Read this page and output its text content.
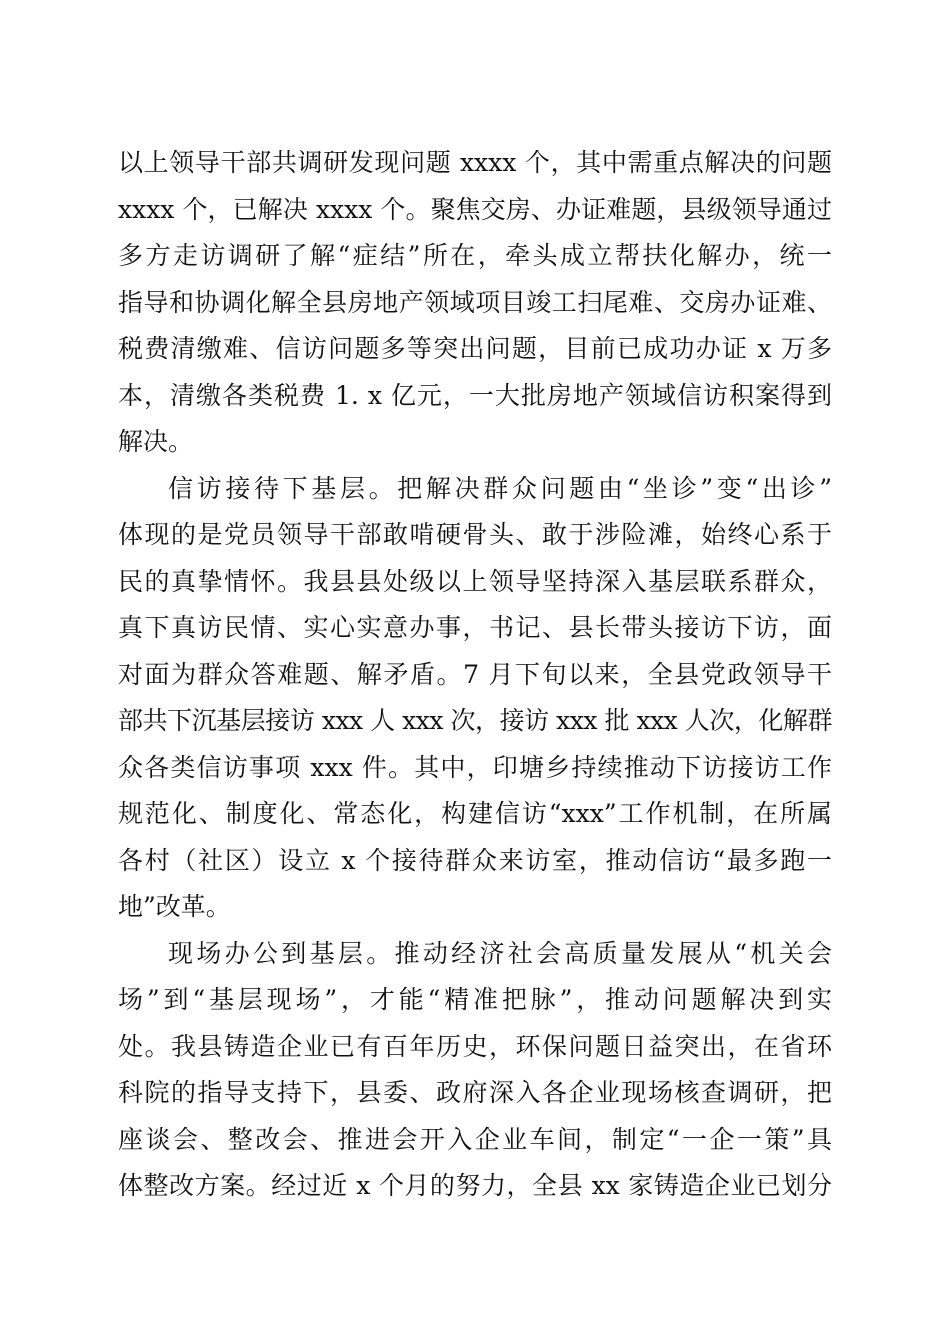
以上领导干部共调研发现问题 xxxx 个，其中需重点解决的问题
xxxx 个，已解决 xxxx 个。聚焦交房、办证难题，县级领导通过
多方走访调研了解“症结”所在，牵头成立帮扶化解办，统一
指导和协调化解全县房地产领域项目竣工扫尾难、交房办证难、
税费清缴难、信访问题多等突出问题，目前已成功办证 x 万多
本，清缴各类税费 1. x 亿元，一大批房地产领域信访积案得到
解决。

信访接待下基层。把解决群众问题由“坐诊”变“出诊”
体现的是党员领导干部敢啃硬骨头、敢于涉险滩，始终心系于
民的真挚情怀。我县县处级以上领导坚持深入基层联系群众，
真下真访民情、实心实意办事，书记、县长带头接访下访，面
对面为群众答难题、解矛盾。7 月下旬以来，全县党政领导干
部共下沉基层接访 xxx 人 xxx 次，接访 xxx 批 xxx 人次，化解群
众各类信访事项 xxx 件。其中，印塘乡持续推动下访接访工作
规范化、制度化、常态化，构建信访“xxx”工作机制，在所属
各村（社区）设立 x 个接待群众来访室，推动信访“最多跑一
地”改革。

现场办公到基层。推动经济社会高质量发展从“机关会
场”到“基层现场”，才能“精准把脉”，推动问题解决到实
处。我县铸造企业已有百年历史，环保问题日益突出，在省环
科院的指导支持下，县委、政府深入各企业现场核查调研，把
座谈会、整改会、推进会开入企业车间，制定“一企一策”具
体整改方案。经过近 x 个月的努力，全县 xx 家铸造企业已划分
